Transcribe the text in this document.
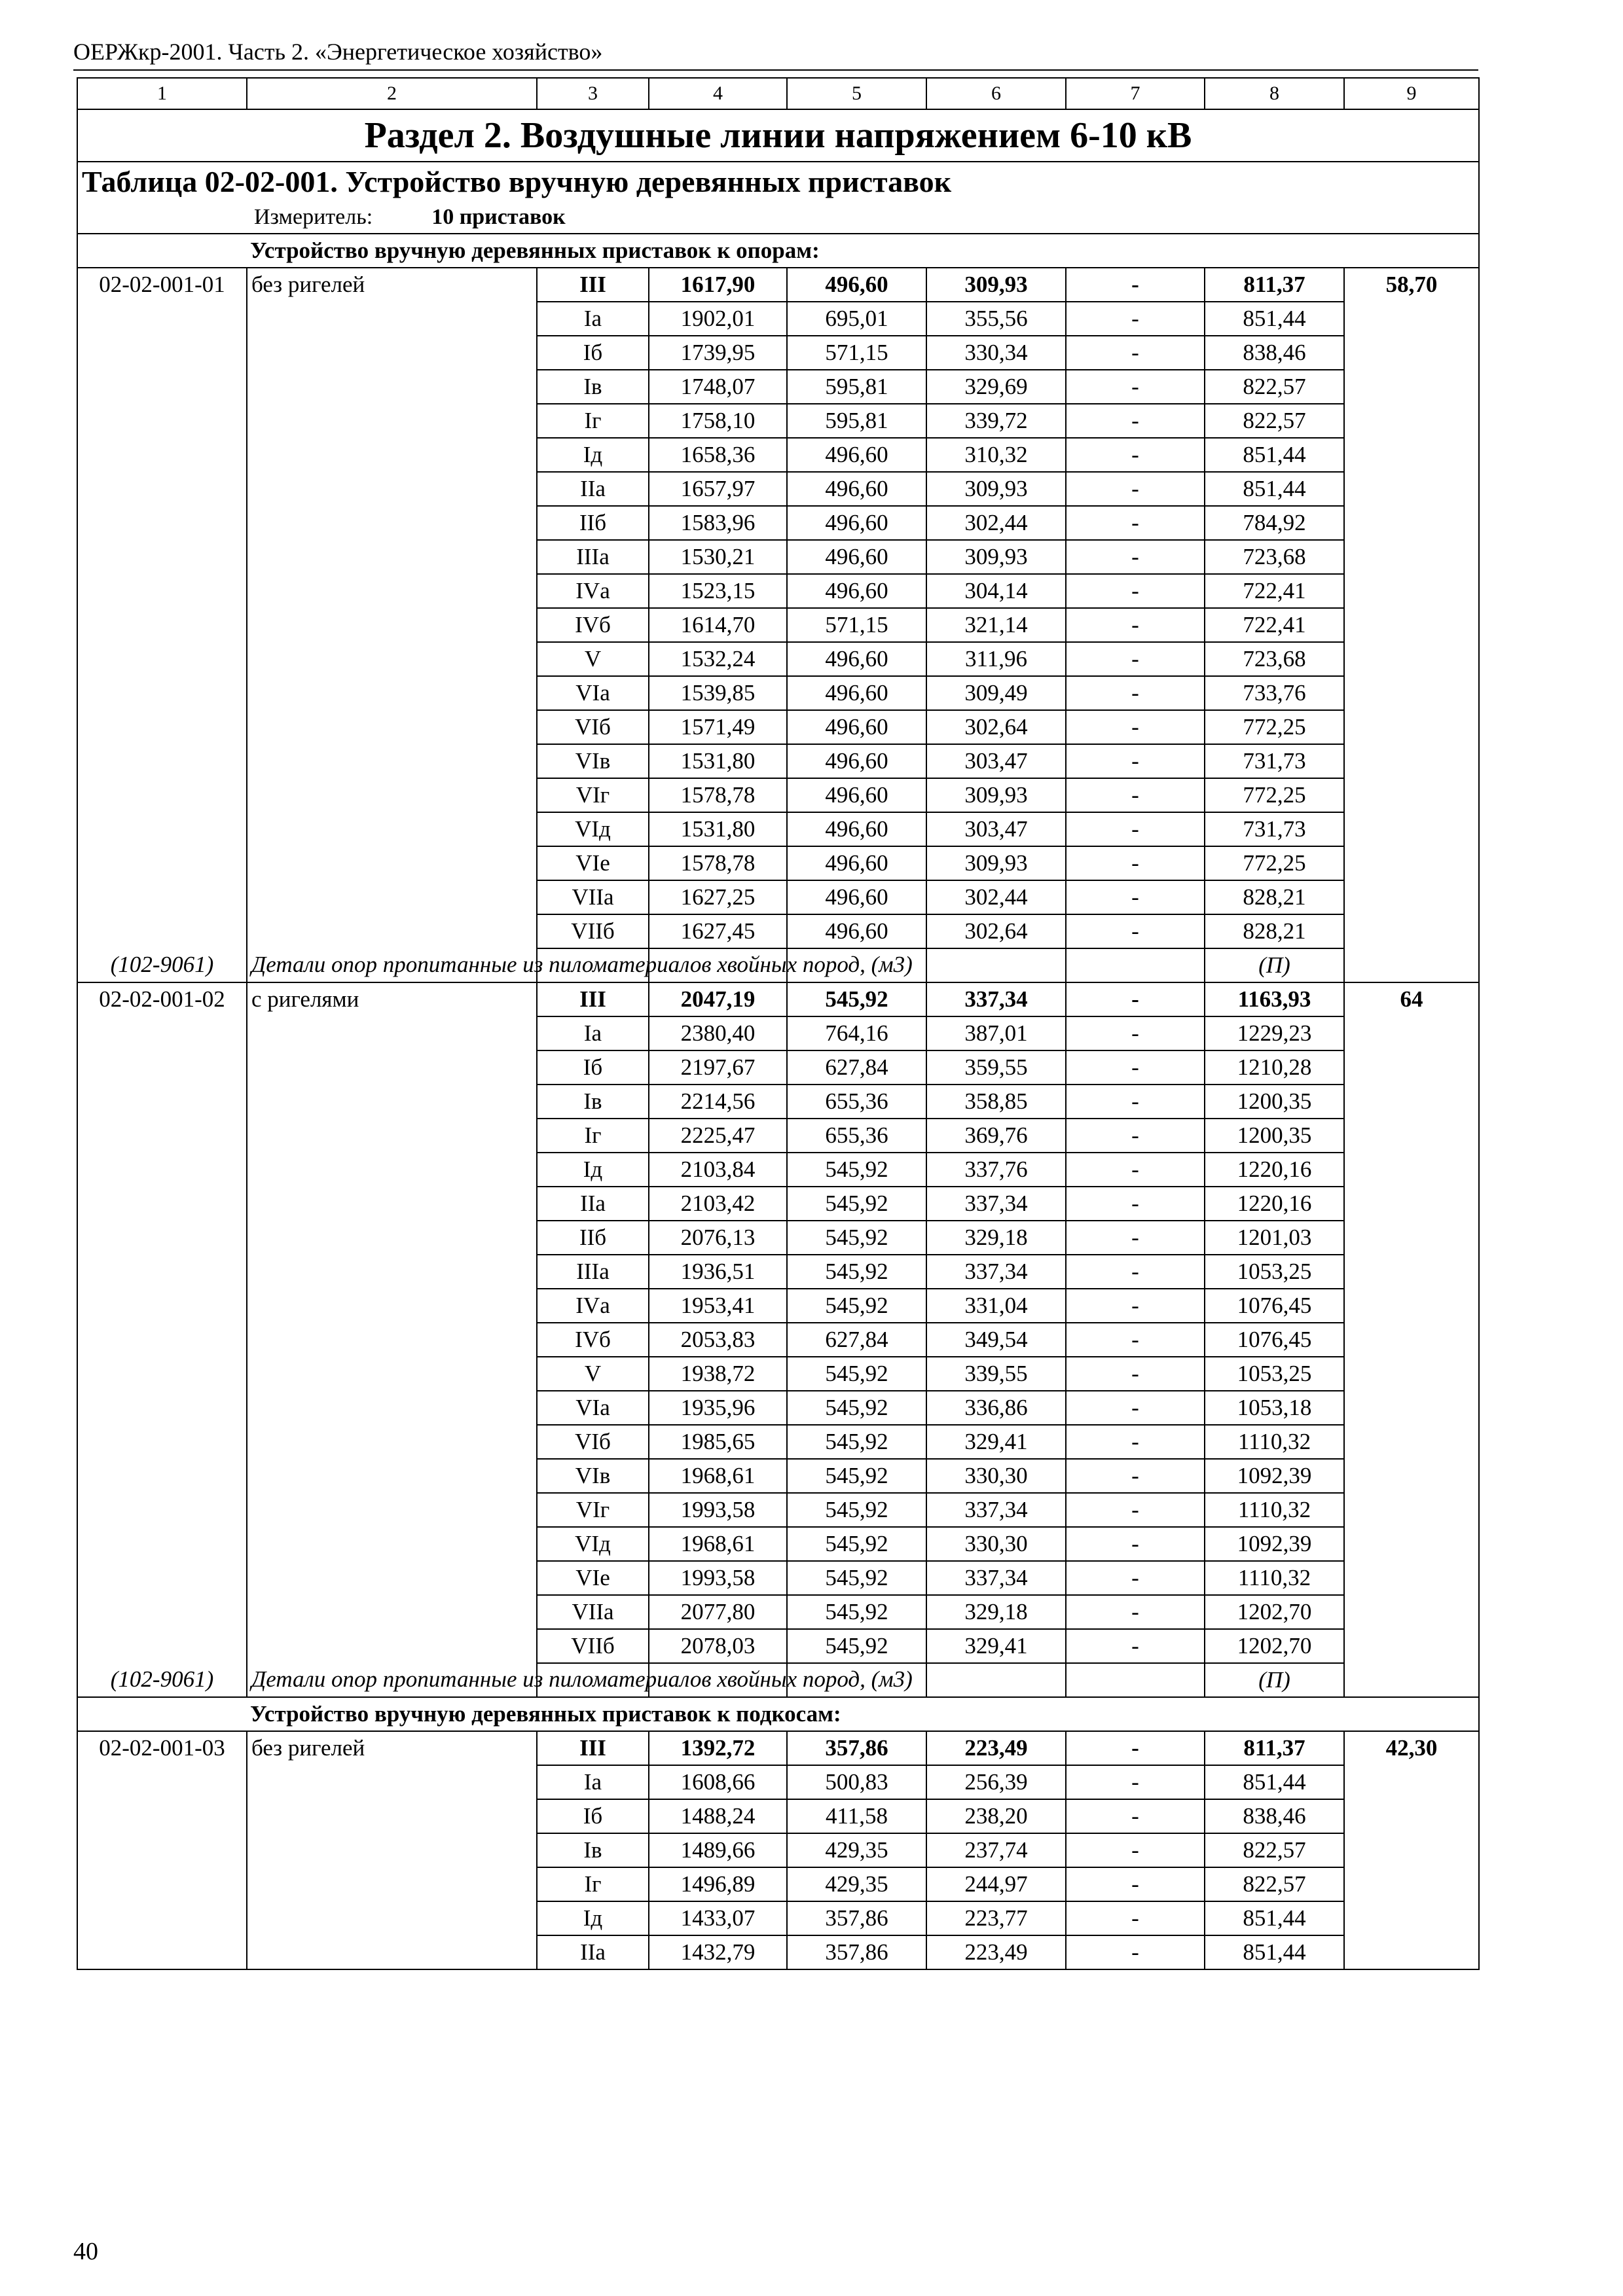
ОЕРЖкр-2001. Часть 2. «Энергетическое хозяйство»
1	2	3	4	5	6	7	8	9
Раздел 2. Воздушные линии напряжением 6-10 кВ								

Таблица 02-02-001. Устройство вручную деревянных приставок
Измеритель: 10 приставок								

Устройство вручную деревянных приставок к опорам:								
02-02-001-01	без ригелей	III	1617,90	496,60	309,93	-	811,37	58,70
		Iа	1902,01	695,01	355,56	-	851,44	
		Iб	1739,95	571,15	330,34	-	838,46	
		Iв	1748,07	595,81	329,69	-	822,57	
		Iг	1758,10	595,81	339,72	-	822,57	
		Iд	1658,36	496,60	310,32	-	851,44	
		IIа	1657,97	496,60	309,93	-	851,44	
		IIб	1583,96	496,60	302,44	-	784,92	
		IIIа	1530,21	496,60	309,93	-	723,68	
		IVа	1523,15	496,60	304,14	-	722,41	
		IVб	1614,70	571,15	321,14	-	722,41	
		V	1532,24	496,60	311,96	-	723,68	
		VIа	1539,85	496,60	309,49	-	733,76	
		VIб	1571,49	496,60	302,64	-	772,25	
		VIв	1531,80	496,60	303,47	-	731,73	
		VIг	1578,78	496,60	309,93	-	772,25	
		VIд	1531,80	496,60	303,47	-	731,73	
		VIе	1578,78	496,60	309,93	-	772,25	
		VIIа	1627,25	496,60	302,44	-	828,21	
		VIIб	1627,45	496,60	302,64	-	828,21	
(102-9061)	Детали опор пропитанные из пиломатериалов хвойных пород, (м3)						(П)	
02-02-001-02	с ригелями	III	2047,19	545,92	337,34	-	1163,93	64
		Iа	2380,40	764,16	387,01	-	1229,23	
		Iб	2197,67	627,84	359,55	-	1210,28	
		Iв	2214,56	655,36	358,85	-	1200,35	
		Iг	2225,47	655,36	369,76	-	1200,35	
		Iд	2103,84	545,92	337,76	-	1220,16	
		IIа	2103,42	545,92	337,34	-	1220,16	
		IIб	2076,13	545,92	329,18	-	1201,03	
		IIIа	1936,51	545,92	337,34	-	1053,25	
		IVа	1953,41	545,92	331,04	-	1076,45	
		IVб	2053,83	627,84	349,54	-	1076,45	
		V	1938,72	545,92	339,55	-	1053,25	
		VIа	1935,96	545,92	336,86	-	1053,18	
		VIб	1985,65	545,92	329,41	-	1110,32	
		VIв	1968,61	545,92	330,30	-	1092,39	
		VIг	1993,58	545,92	337,34	-	1110,32	
		VIд	1968,61	545,92	330,30	-	1092,39	
		VIе	1993,58	545,92	337,34	-	1110,32	
		VIIа	2077,80	545,92	329,18	-	1202,70	
		VIIб	2078,03	545,92	329,41	-	1202,70	
(102-9061)	Детали опор пропитанные из пиломатериалов хвойных пород, (м3)						(П)	
Устройство вручную деревянных приставок к подкосам:								
02-02-001-03	без ригелей	III	1392,72	357,86	223,49	-	811,37	42,30
		Iа	1608,66	500,83	256,39	-	851,44	
		Iб	1488,24	411,58	238,20	-	838,46	
		Iв	1489,66	429,35	237,74	-	822,57	
		Iг	1496,89	429,35	244,97	-	822,57	
		Iд	1433,07	357,86	223,77	-	851,44	
		IIа	1432,79	357,86	223,49	-	851,44	
40
